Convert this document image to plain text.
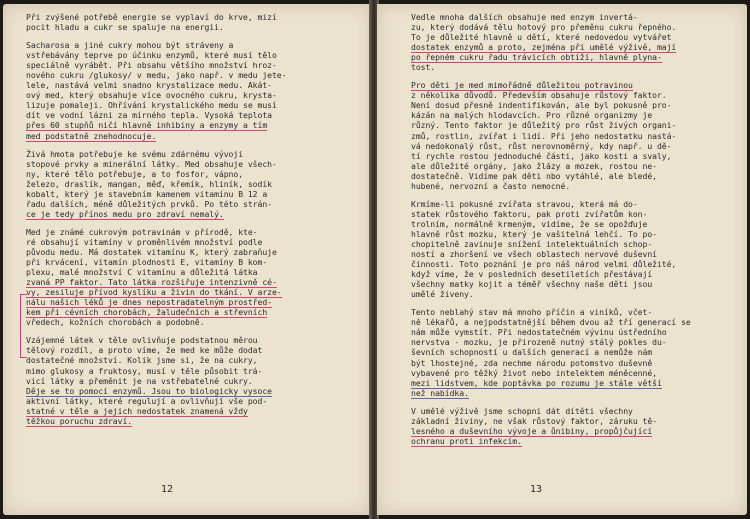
Při zvýšené potřebě energie se vyplaví do krve, mizí
pocit hladu a cukr se spaluje na energii.
Sacharosa a jiné cukry mohou být stráveny a
vstřebávány teprve po účinku enzymů, které musí tělo
speciálně vyrábět. Při obsahu většího množství hroz-
nového cukru /glukosy/ v medu, jako např. v medu jete-
lele, nastává velmi snadno krystalizace medu. Akát-
ový med, který obsahuje více ovocného cukru, krysta-
lizuje pomaleji. Ohřívání krystalického medu se musí
dít ve vodní lázni za mírného tepla. Vysoká teplota
přes 60 stupňů ničí hlavně inhibiny a enzymy a tím
med podstatně znehodnocuje.
Živá hmota potřebuje ke svému zdárnému vývoji
stopové prvky a minerální látky. Med obsahuje všech-
ny, které tělo potřebuje, a to fosfor, vápno,
železo, draslík, mangan, měď, křemík, hliník, sodík
kobalt, který je stavebním kamenem vitamínu B 12 a
řadu dalších, méně důležitých prvků. Po této strán-
ce je tedy přínos medu pro zdraví nemalý.
Med je známé cukrovým potravinám v přírodě, kte-
ré obsahují vitamíny v proměnlivém množství podle
původu medu. Má dostatek vitamínu K, který zabraňuje
při krvácení, vitamín plodnosti E, vitamíny B kom-
plexu, malé množství C vitamínu a důležitá látka
zvaná PP faktor. Tato látka rozšiřuje intenzivně cé-
vy, zesiluje přívod kyslíku a živin do tkání. V arze-
nálu našich léků je dnes nepostradatelným prostřed-
kem při cévních chorobách, žaludečních a střevních
vředech, kožních chorobách a podobně.
Vzájemné látek v těle ovlivňuje podstatnou měrou
tělový rozdíl, a proto víme, že med ke může dodat
dostatečné množství. Kolik jsme si, že na cukry,
mimo glukosy a fruktosy, musí v těle působit trá-
vicí látky a přeměnit je na vstřebatelné cukry.
Děje se to pomocí enzymů. Jsou to biologicky vysoce
aktivní látky, které regulují a ovlivňují vše pod-
statné v těle a jejich nedostatek znamená vždy
těžkou poruchu zdraví.
12
Vedle mnoha dalších obsahuje med enzym invertá-
zu, který dodává tělu hotový pro přeměnu cukru řepného.
To je důležité hlavně u dětí, které nedovedou vytvářet
dostatek enzymů a proto, zejména při umělé výživě, mají
po řepném cukru řadu trávicích obtíží, hlavně plyna-
tost.
Pro děti je med mimořádně důležitou potravinou
z několika důvodů. Především obsahuje růstový faktor.
Není dosud přesně indentifikován, ale byl pokusně pro-
kázán na malých hlodavcích. Pro různé organizmy je
různý. Tento faktor je důležitý pro růst živých organi-
zmů, rostlin, zvířat i lidí. Při jeho nedostatku nastá-
vá nedokonalý růst, růst nerovnoměrný, kdy např. u dě-
tí rychle rostou jednoduché části, jako kosti a svaly,
ale důležité orgány, jako žlázy a mozek, rostou ne-
dostatečně. Vidíme pak děti nbo vytáhlé, ale bledé,
hubené, nervozní a často nemocné.
Krmíme-li pokusné zvířata stravou, která má do-
statek růstového faktoru, pak proti zvířatům kon-
trolním, normálně krmeným, vidíme, že se opožďuje
hlavně růst mozku, který je vašitelná lehčí. To po-
chopitelně zavinuje snížení intelektuálních schop-
ností a zhoršení ve všech oblastech nervové duševní
činnosti. Toto poznání je pro náš národ velmi důležité,
když víme, že v posledních desetiletích přestávají
všechny matky kojit a téměř všechny naše děti jsou
umělé živeny.
Tento neblahý stav má mnoho příčin a viníků, včet-
ně lékařů, a nejpodstatnější během dvou až tří generací se
nám může vymstít. Při nedostatečném vývinu ústředního
nervstva - mozku, je přirozeně nutný stálý pokles du-
ševních schopností u dalších generací a nemůže nám
být lhostejné, zda nechme národu potomstvo duševně
vybavené pro těžký život nebo intelektem méněcenné,
mezi lidstvem, kde poptávka po rozumu je stále větší
než nabídka.
V umělé výživě jsme schopni dát dítěti všechny
základní živiny, ne však růstový faktor, záruku tě-
lesného a duševního vývoje a ůnibiny, propůjčující
ochranu proti infekcím.
13
